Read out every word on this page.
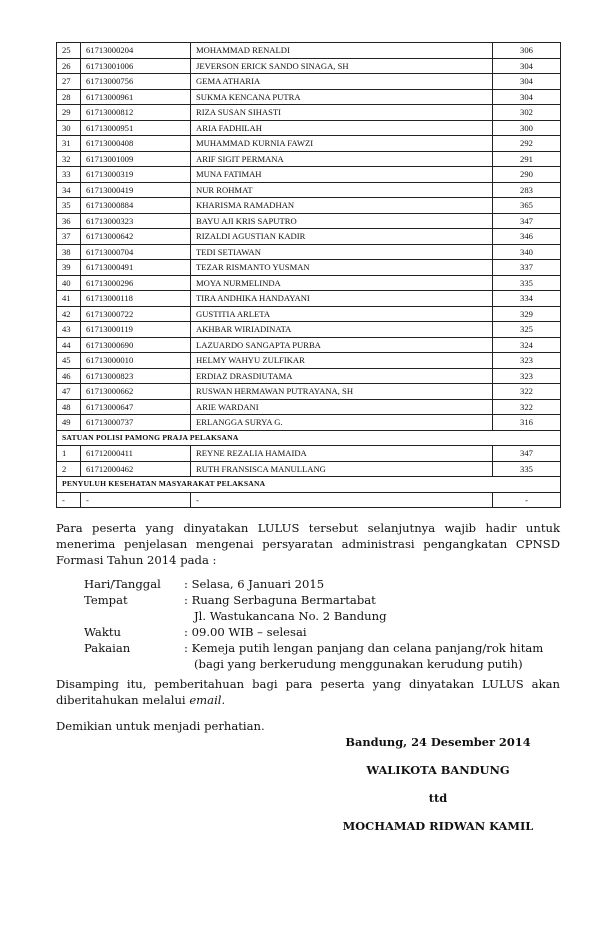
25	61713000204	MOHAMMAD RENALDI	306
26	61713001006	JEVERSON ERICK SANDO SINAGA, SH	304
27	61713000756	GEMA ATHARIA	304
28	61713000961	SUKMA KENCANA PUTRA	304
29	61713000812	RIZA SUSAN SIHASTI	302
30	61713000951	ARIA FADHILAH	300
31	61713000408	MUHAMMAD KURNIA FAWZI	292
32	61713001009	ARIF SIGIT PERMANA	291
33	61713000319	MUNA FATIMAH	290
34	61713000419	NUR ROHMAT	283
35	61713000884	KHARISMA RAMADHAN	365
36	61713000323	BAYU AJI KRIS SAPUTRO	347
37	61713000642	RIZALDI AGUSTIAN KADIR	346
38	61713000704	TEDI SETIAWAN	340
39	61713000491	TEZAR RISMANTO YUSMAN	337
40	61713000296	MOYA NURMELINDA	335
41	61713000118	TIRA ANDHIKA HANDAYANI	334
42	61713000722	GUSTITIA ARLETA	329
43	61713000119	AKHBAR WIRIADINATA	325
44	61713000690	LAZUARDO SANGAPTA PURBA	324
45	61713000010	HELMY WAHYU ZULFIKAR	323
46	61713000823	ERDIAZ DRASDIUTAMA	323
47	61713000662	RUSWAN HERMAWAN PUTRAYANA, SH	322
48	61713000647	ARIE WARDANI	322
49	61713000737	ERLANGGA SURYA G.	316
SATUAN POLISI PAMONG PRAJA PELAKSANA			
1	61712000411	REYNE REZALIA HAMAIDA	347
2	61712000462	RUTH FRANSISCA MANULLANG	335
PENYULUH KESEHATAN MASYARAKAT PELAKSANA			
-	-	-	-
Para peserta yang dinyatakan LULUS tersebut selanjutnya wajib hadir untuk menerima penjelasan mengenai persyaratan administrasi pengangkatan CPNSD Formasi Tahun 2014 pada :
Hari/Tanggal	: Selasa, 6 Januari 2015
Tempat	: Ruang Serbaguna Bermartabat
Jl. Wastukancana No. 2 Bandung
Waktu	: 09.00 WIB – selesai
Pakaian	: Kemeja putih lengan panjang dan celana panjang/rok hitam
(bagi yang berkerudung menggunakan kerudung putih)
Disamping itu, pemberitahuan bagi para peserta yang dinyatakan LULUS akan diberitahukan melalui email.
Demikian untuk menjadi perhatian.
Bandung, 24 Desember 2014
WALIKOTA BANDUNG
ttd
MOCHAMAD RIDWAN KAMIL
